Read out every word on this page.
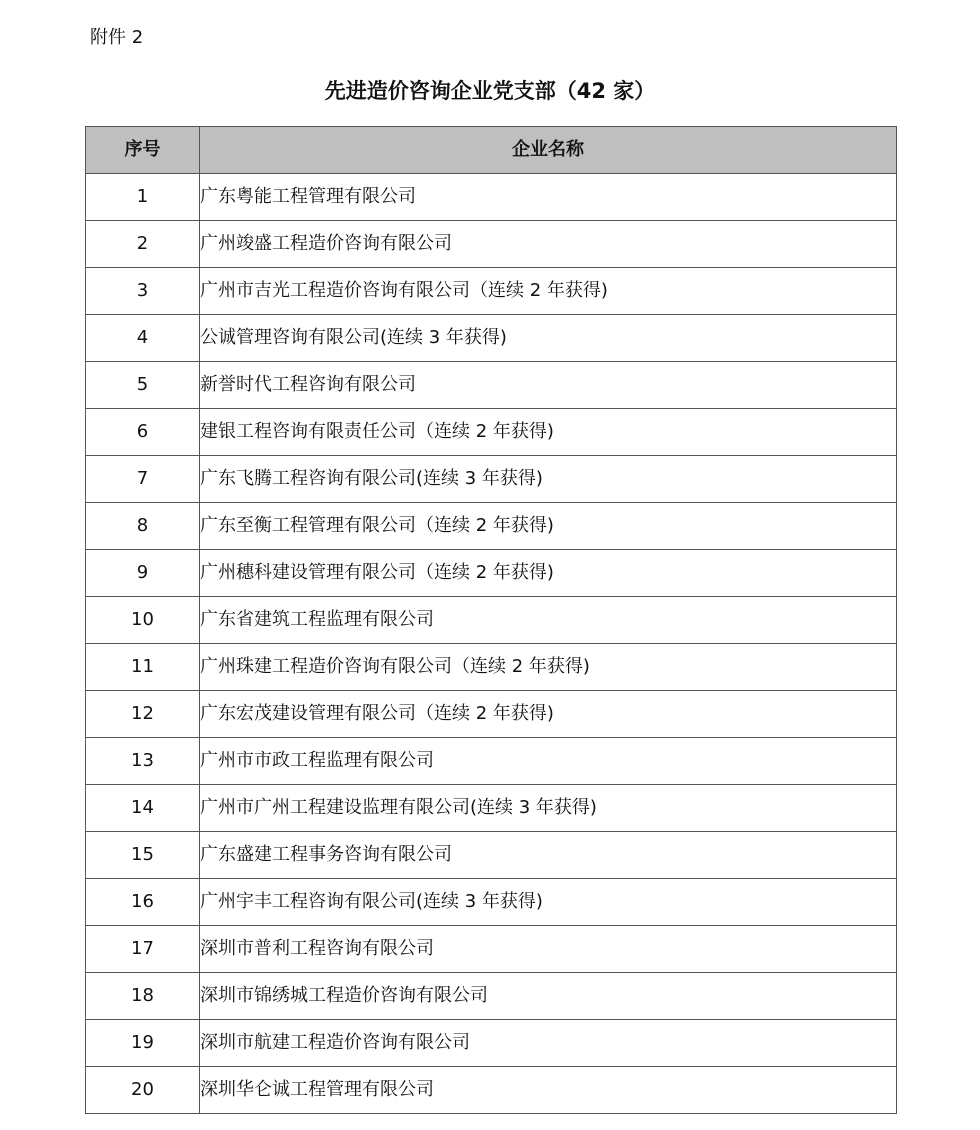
附件 2
先进造价咨询企业党支部（42 家）
序号	企业名称
1	广东粤能工程管理有限公司
2	广州竣盛工程造价咨询有限公司
3	广州市吉光工程造价咨询有限公司（连续 2 年获得)
4	公诚管理咨询有限公司(连续 3 年获得)
5	新誉时代工程咨询有限公司
6	建银工程咨询有限责任公司（连续 2 年获得)
7	广东飞腾工程咨询有限公司(连续 3 年获得)
8	广东至衡工程管理有限公司（连续 2 年获得)
9	广州穗科建设管理有限公司（连续 2 年获得)
10	广东省建筑工程监理有限公司
11	广州珠建工程造价咨询有限公司（连续 2 年获得)
12	广东宏茂建设管理有限公司（连续 2 年获得)
13	广州市市政工程监理有限公司
14	广州市广州工程建设监理有限公司(连续 3 年获得)
15	广东盛建工程事务咨询有限公司
16	广州宇丰工程咨询有限公司(连续 3 年获得)
17	深圳市普利工程咨询有限公司
18	深圳市锦绣城工程造价咨询有限公司
19	深圳市航建工程造价咨询有限公司
20	深圳华仑诚工程管理有限公司
